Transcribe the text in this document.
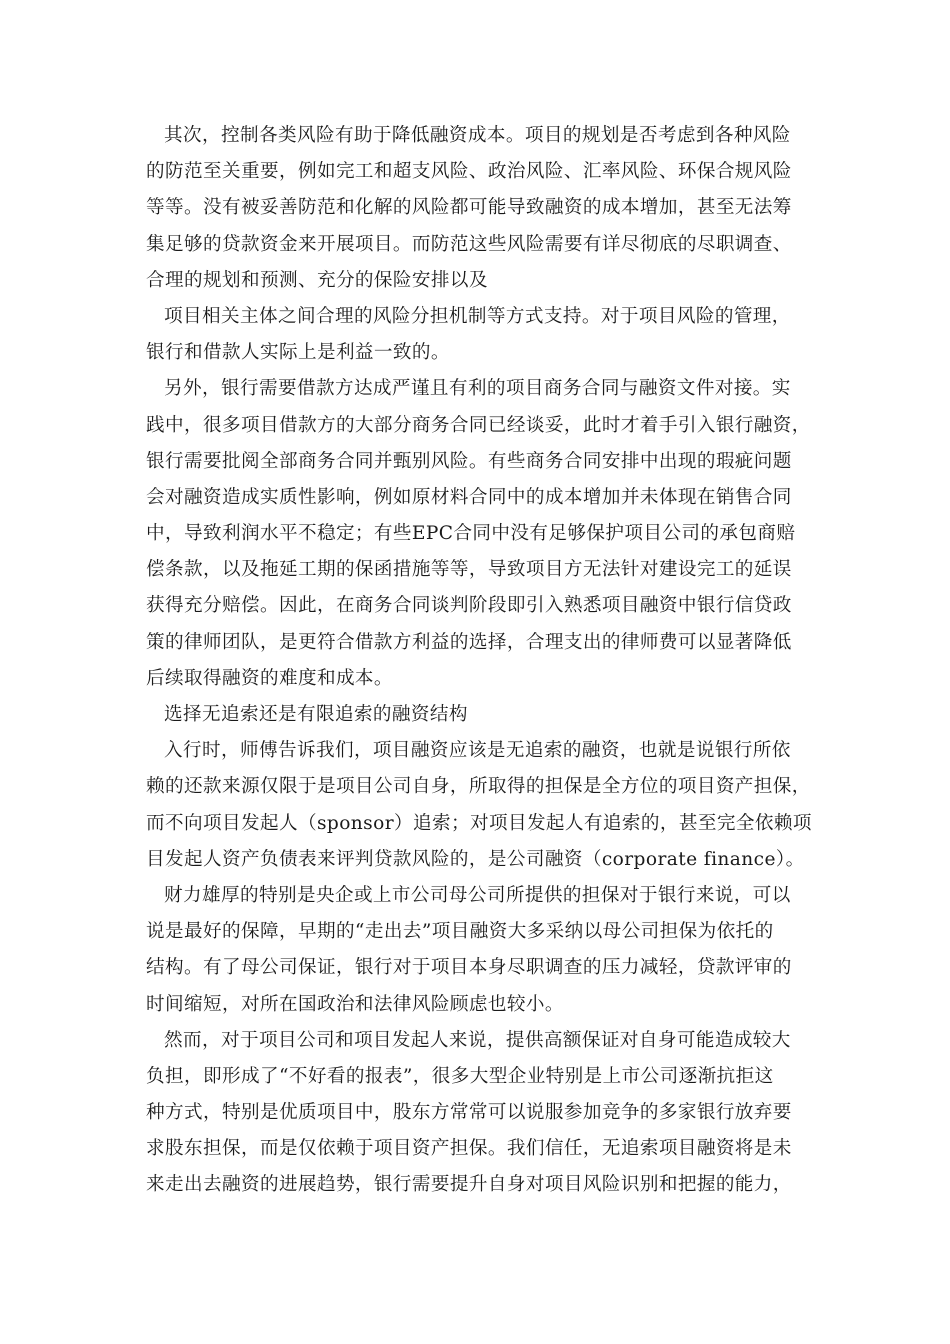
其次，控制各类风险有助于降低融资成本。项目的规划是否考虑到各种风险
的防范至关重要，例如完工和超支风险、政治风险、汇率风险、环保合规风险
等等。没有被妥善防范和化解的风险都可能导致融资的成本增加，甚至无法筹
集足够的贷款资金来开展项目。而防范这些风险需要有详尽彻底的尽职调查、
合理的规划和预测、充分的保险安排以及
项目相关主体之间合理的风险分担机制等方式支持。对于项目风险的管理，
银行和借款人实际上是利益一致的。
另外，银行需要借款方达成严谨且有利的项目商务合同与融资文件对接。实
践中，很多项目借款方的大部分商务合同已经谈妥，此时才着手引入银行融资，
银行需要批阅全部商务合同并甄别风险。有些商务合同安排中出现的瑕疵问题
会对融资造成实质性影响，例如原材料合同中的成本增加并未体现在销售合同
中，导致利润水平不稳定；有些EPC合同中没有足够保护项目公司的承包商赔
偿条款，以及拖延工期的保函措施等等，导致项目方无法针对建设完工的延误
获得充分赔偿。因此，在商务合同谈判阶段即引入熟悉项目融资中银行信贷政
策的律师团队，是更符合借款方利益的选择，合理支出的律师费可以显著降低
后续取得融资的难度和成本。
选择无追索还是有限追索的融资结构
入行时，师傅告诉我们，项目融资应该是无追索的融资，也就是说银行所依
赖的还款来源仅限于是项目公司自身，所取得的担保是全方位的项目资产担保，
而不向项目发起人（sponsor）追索；对项目发起人有追索的，甚至完全依赖项
目发起人资产负债表来评判贷款风险的，是公司融资（corporate finance）。
财力雄厚的特别是央企或上市公司母公司所提供的担保对于银行来说，可以
说是最好的保障，早期的“走出去”项目融资大多采纳以母公司担保为依托的
结构。有了母公司保证，银行对于项目本身尽职调查的压力减轻，贷款评审的
时间缩短，对所在国政治和法律风险顾虑也较小。
然而，对于项目公司和项目发起人来说，提供高额保证对自身可能造成较大
负担，即形成了“不好看的报表”，很多大型企业特别是上市公司逐渐抗拒这
种方式，特别是优质项目中，股东方常常可以说服参加竞争的多家银行放弃要
求股东担保，而是仅依赖于项目资产担保。我们信任，无追索项目融资将是未
来走出去融资的进展趋势，银行需要提升自身对项目风险识别和把握的能力，
